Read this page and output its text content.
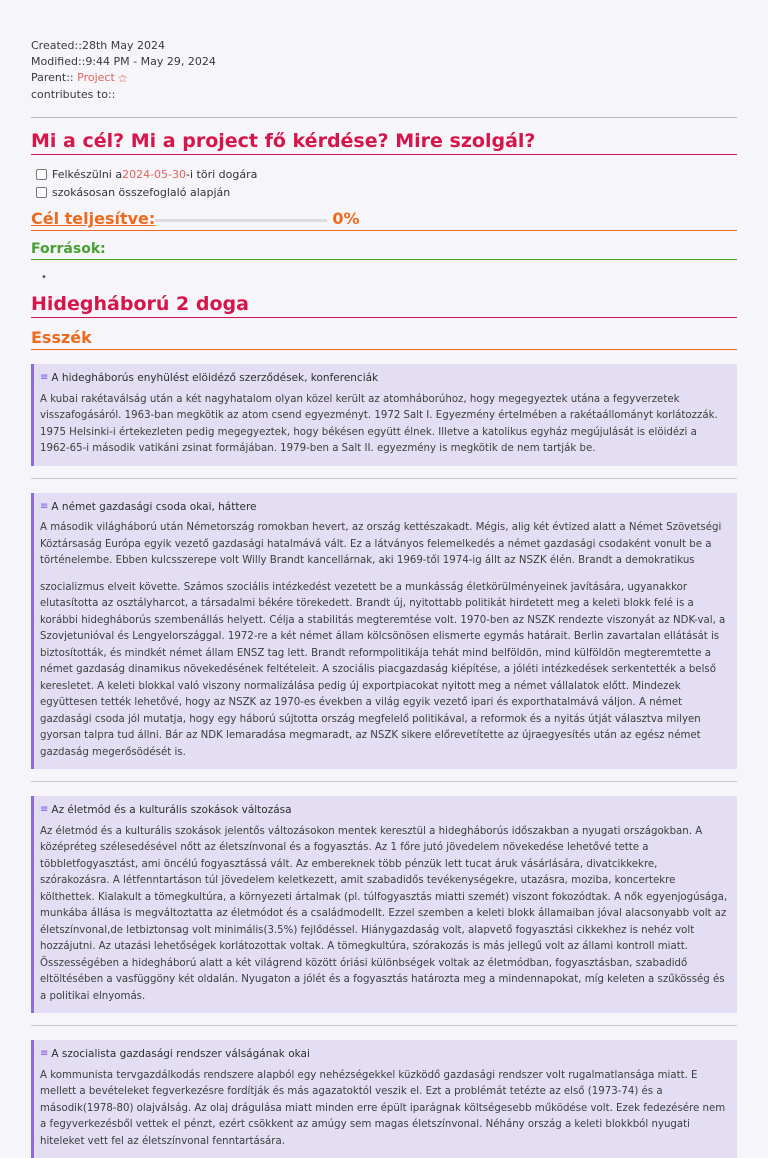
Created::28th May 2024
Modified::9:44 PM - May 29, 2024
Parent:: Project ⚝
contributes to::
Mi a cél? Mi a project fő kérdése? Mire szolgál?
Felkészülni a 2024-05-30 -i töri dogára
szokásosan összefoglaló alapján
Cél teljesítve:	0%
Források:
•
Hidegháború 2 doga
Esszék
≡ A hidegháborús enyhülést elöidéző szerződések, konferenciák
A kubai rakétaválság után a két nagyhatalom olyan közel került az atomháborúhoz, hogy megegyeztek utána a fegyverzetek visszafogásáról. 1963-ban megkötik az atom csend egyezményt. 1972 Salt I. Egyezmény értelmében a rakétaállományt korlátozzák. 1975 Helsinki-i értekezleten pedig megegyeztek, hogy békésen együtt élnek. Illetve a katolikus egyház megújulását is elöidézi a 1962-65-i második vatikáni zsinat formájában. 1979-ben a Salt II. egyezmény is megkötik de nem tartják be.
≡ A német gazdasági csoda okai, háttere
A második világháború után Németország romokban hevert, az ország kettészakadt. Mégis, alig két évtized alatt a Német Szövetségi Köztársaság Európa egyik vezető gazdasági hatalmává vált. Ez a látványos felemelkedés a német gazdasági csodaként vonult be a történelembe. Ebben kulcsszerepe volt Willy Brandt kancellárnak, aki 1969-től 1974-ig állt az NSZK élén. Brandt a demokratikus
szocializmus elveit követte. Számos szociális intézkedést vezetett be a munkásság életkörülményeinek javítására, ugyanakkor elutasította az osztályharcot, a társadalmi békére törekedett. Brandt új, nyitottabb politikát hirdetett meg a keleti blokk felé is a korábbi hidegháborús szembenállás helyett. Célja a stabilitás megteremtése volt. 1970-ben az NSZK rendezte viszonyát az NDK-val, a Szovjetunióval és Lengyelországgal. 1972-re a két német állam kölcsönösen elismerte egymás határait. Berlin zavartalan ellátását is biztosították, és mindkét német állam ENSZ tag lett. Brandt reformpolitikája tehát mind belföldön, mind külföldön megteremtette a német gazdaság dinamikus növekedésének feltételeit. A szociális piacgazdaság kiépítése, a jóléti intézkedések serkentették a belső keresletet. A keleti blokkal való viszony normalizálása pedig új exportpiacokat nyitott meg a német vállalatok előtt. Mindezek együttesen tették lehetővé, hogy az NSZK az 1970-es években a világ egyik vezető ipari és exporthatalmává váljon. A német gazdasági csoda jól mutatja, hogy egy háború sújtotta ország megfelelő politikával, a reformok és a nyitás útját választva milyen gyorsan talpra tud állni. Bár az NDK lemaradása megmaradt, az NSZK sikere előrevetítette az újraegyesítés után az egész német gazdaság megerősödését is.
≡ Az életmód és a kulturális szokások változása
Az életmód és a kulturális szokások jelentős változásokon mentek keresztül a hidegháborús időszakban a nyugati országokban. A középréteg szélesedésével nőtt az életszínvonal és a fogyasztás. Az 1 főre jutó jövedelem növekedése lehetővé tette a többletfogyasztást, ami öncélú fogyasztássá vált. Az embereknek több pénzük lett tucat áruk vásárlására, divatcikkekre, szórakozásra. A létfenntartáson túl jövedelem keletkezett, amit szabadidős tevékenységekre, utazásra, moziba, koncertekre költhettek. Kialakult a tömegkultúra, a környezeti ártalmak (pl. túlfogyasztás miatti szemét) viszont fokozódtak. A nők egyenjogúsága, munkába állása is megváltoztatta az életmódot és a családmodellt. Ezzel szemben a keleti blokk államaiban jóval alacsonyabb volt az életszínvonal,de letbiztonsag volt minimális(3.5%) fejlődéssel. Hiánygazdaság volt, alapvető fogyasztási cikkekhez is nehéz volt hozzájutni. Az utazási lehetőségek korlátozottak voltak. A tömegkultúra, szórakozás is más jellegű volt az állami kontroll miatt. Összességében a hidegháború alatt a két világrend között óriási különbségek voltak az életmódban, fogyasztásban, szabadidő eltöltésében a vasfüggöny két oldalán. Nyugaton a jólét és a fogyasztás határozta meg a mindennapokat, míg keleten a szűkösség és a politikai elnyomás.
≡ A szocialista gazdasági rendszer válságának okai
A kommunista tervgazdálkodás rendszere alapból egy nehézségekkel küzködő gazdasági rendszer volt rugalmatlansága miatt. E mellett a bevételeket fegverkezésre fordítják és más agazatoktól veszik el. Ezt a problémát tetézte az első (1973-74) és a második(1978-80) olajválság. Az olaj drágulása miatt minden erre épült iparágnak költségesebb működése volt. Ezek fedezésére nem a fegyverkezésből vettek el pénzt, ezért csökkent az amúgy sem magas életszínvonal. Néhány ország a keleti blokkból nyugati hiteleket vett fel az életszínvonal fenntartására.
